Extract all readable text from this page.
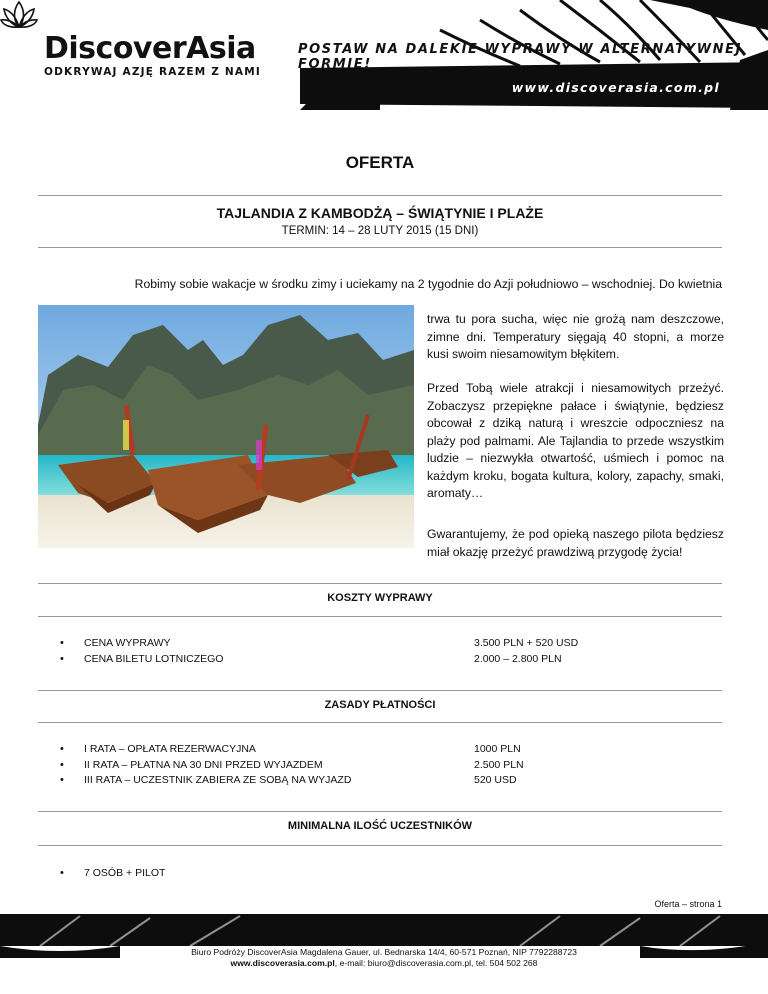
DiscoverAsia
ODKRYWAJ AZJĘ RAZEM Z NAMI
POSTAW NA DALEKIE WYPRAWY W ALTERNATYWNEJ FORMIE!
www.discoverasia.com.pl
OFERTA
TAJLANDIA Z KAMBODŻĄ – ŚWIĄTYNIE I PLAŻE
TERMIN: 14 – 28 LUTY 2015 (15 DNI)
Robimy sobie wakacje w środku zimy i uciekamy na 2 tygodnie do Azji południowo – wschodniej. Do kwietnia
trwa tu pora sucha, więc nie grożą nam deszczowe, zimne dni. Temperatury sięgają 40 stopni, a morze kusi swoim niesamowitym błękitem.
Przed Tobą wiele atrakcji i niesamowitych przeżyć. Zobaczysz przepiękne pałace i świątynie, będziesz obcował z dziką naturą i wreszcie odpoczniesz na plaży pod palmami. Ale Tajlandia to przede wszystkim ludzie – niezwykła otwartość, uśmiech i pomoc na każdym kroku, bogata kultura, kolory, zapachy, smaki, aromaty…
Gwarantujemy, że pod opieką naszego pilota będziesz miał okazję przeżyć prawdziwą przygodę życia!
KOSZTY WYPRAWY
• CENA WYPRAWY
• CENA BILETU LOTNICZEGO
3.500 PLN + 520 USD
2.000 – 2.800 PLN
ZASADY PŁATNOŚCI
• I RATA – OPŁATA REZERWACYJNA
• II RATA – PŁATNA NA 30 DNI PRZED WYJAZDEM
• III RATA – UCZESTNIK ZABIERA ZE SOBĄ NA WYJAZD
1000 PLN
2.500 PLN
520 USD
MINIMALNA ILOŚĆ UCZESTNIKÓW
• 7 OSÓB + PILOT
Oferta – strona 1
Biuro Podróży DiscoverAsia Magdalena Gauer, ul. Bednarska 14/4, 60-571 Poznań, NIP 7792288723
www.discoverasia.com.pl, e-mail: biuro@discoverasia.com.pl, tel. 504 502 268
